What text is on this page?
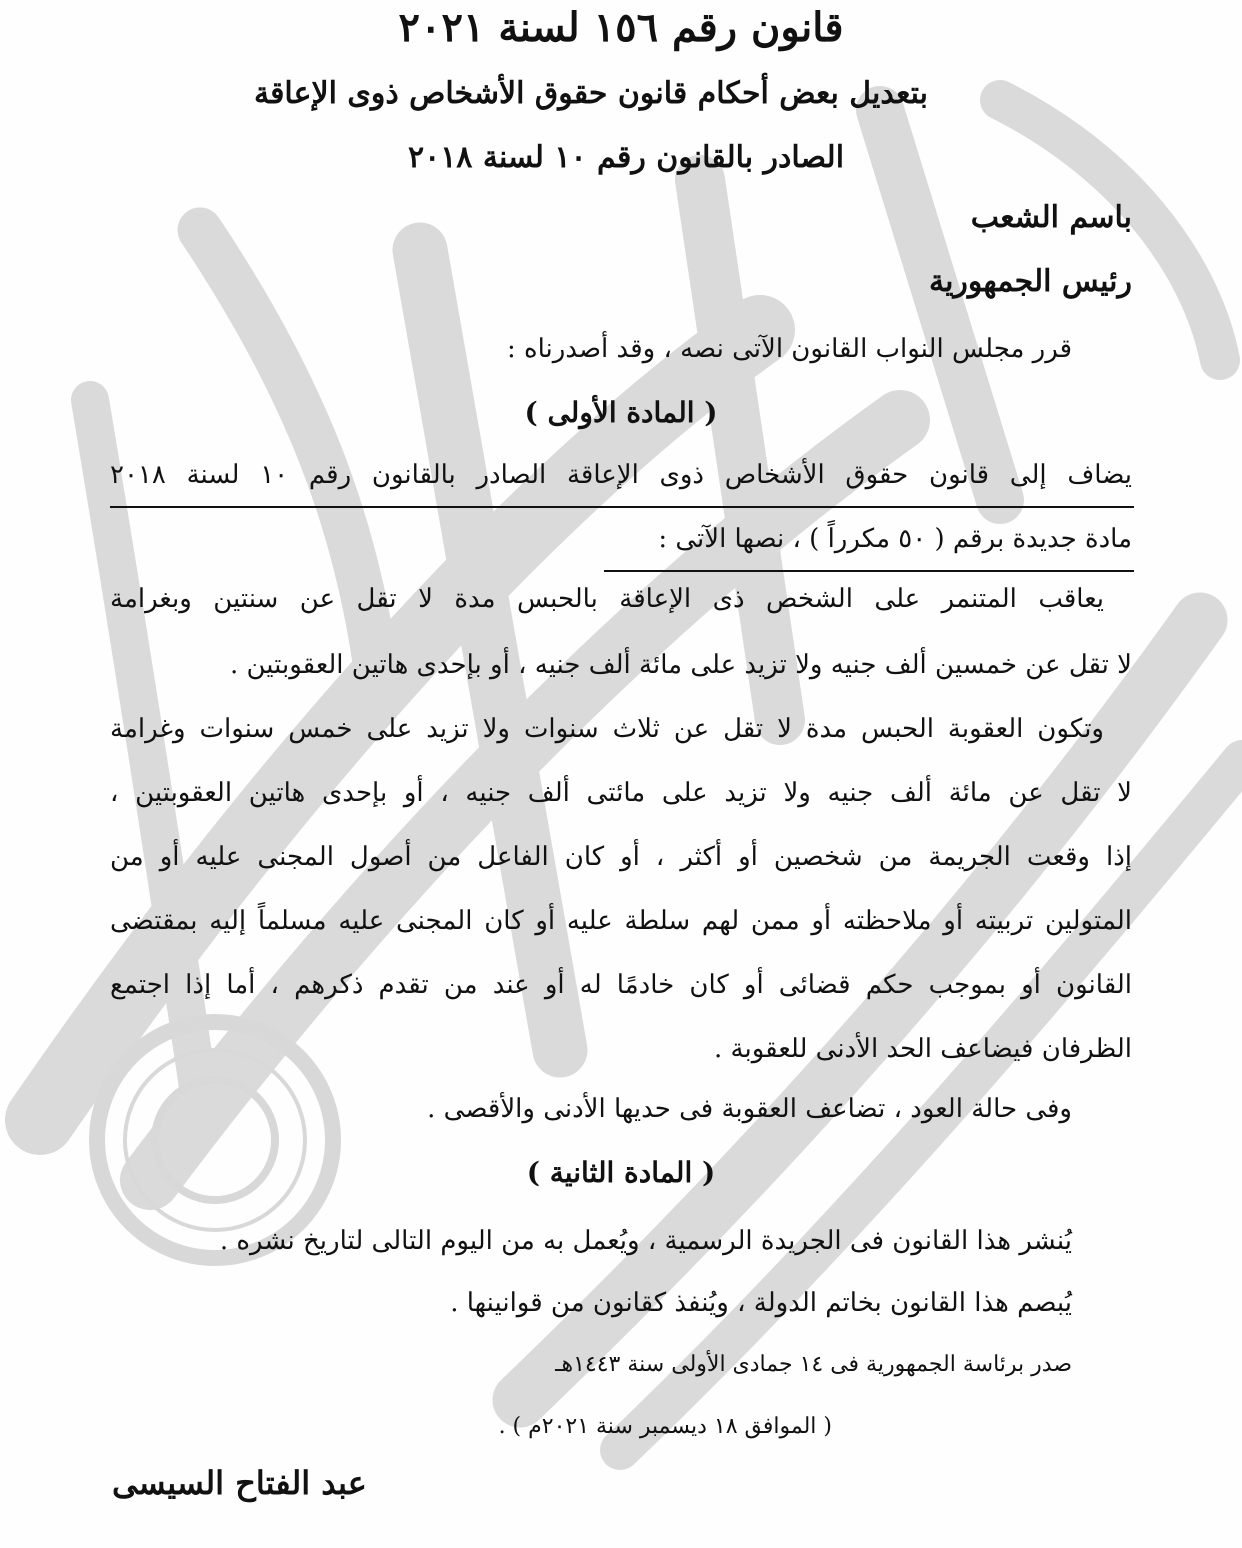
قانون رقم ١٥٦ لسنة ٢٠٢١
بتعديل بعض أحكام قانون حقوق الأشخاص ذوى الإعاقة
الصادر بالقانون رقم ١٠ لسنة ٢٠١٨
باسم الشعب
رئيس الجمهورية
قرر مجلس النواب القانون الآتى نصه ، وقد أصدرناه :
( المادة الأولى )
يضاف إلى قانون حقوق الأشخاص ذوى الإعاقة الصادر بالقانون رقم ١٠ لسنة ٢٠١٨
مادة جديدة برقم ( ٥٠ مكرراً ) ، نصها الآتى :
يعاقب المتنمر على الشخص ذى الإعاقة بالحبس مدة لا تقل عن سنتين وبغرامة
لا تقل عن خمسين ألف جنيه ولا تزيد على مائة ألف جنيه ، أو بإحدى هاتين العقوبتين .
وتكون العقوبة الحبس مدة لا تقل عن ثلاث سنوات ولا تزيد على خمس سنوات وغرامة
لا تقل عن مائة ألف جنيه ولا تزيد على مائتى ألف جنيه ، أو بإحدى هاتين العقوبتين ،
إذا وقعت الجريمة من شخصين أو أكثر ، أو كان الفاعل من أصول المجنى عليه أو من
المتولين تربيته أو ملاحظته أو ممن لهم سلطة عليه أو كان المجنى عليه مسلماً إليه بمقتضى
القانون أو بموجب حكم قضائى أو كان خادمًا له أو عند من تقدم ذكرهم ، أما إذا اجتمع
الظرفان فيضاعف الحد الأدنى للعقوبة .
وفى حالة العود ، تضاعف العقوبة فى حديها الأدنى والأقصى .
( المادة الثانية )
يُنشر هذا القانون فى الجريدة الرسمية ، ويُعمل به من اليوم التالى لتاريخ نشره .
يُبصم هذا القانون بخاتم الدولة ، ويُنفذ كقانون من قوانينها .
صدر برئاسة الجمهورية فى ١٤ جمادى الأولى سنة ١٤٤٣هـ
( الموافق ١٨ ديسمبر سنة ٢٠٢١م ) .
عبد الفتاح السيسى
